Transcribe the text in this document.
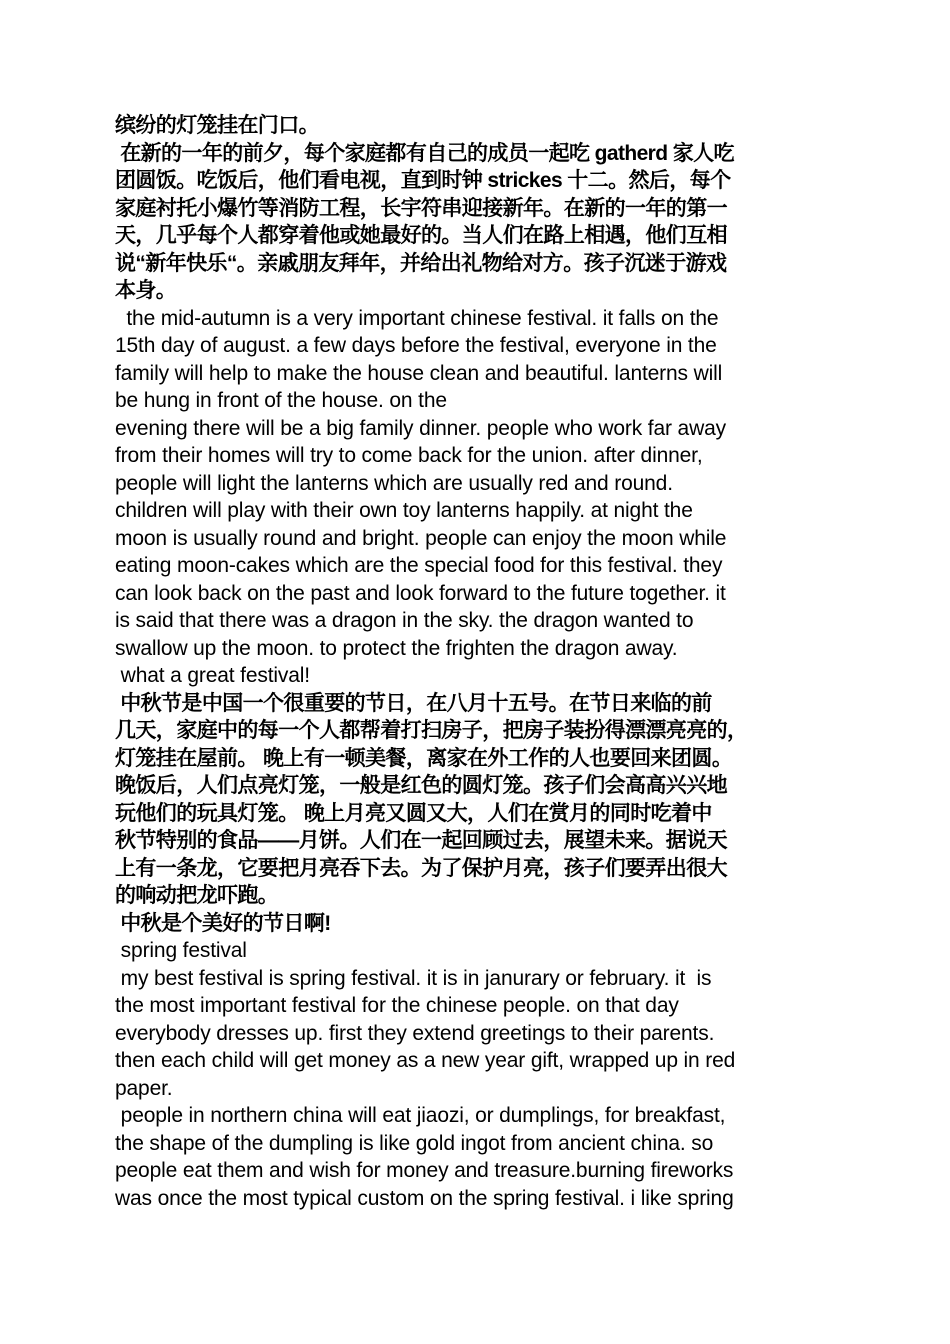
缤纷的灯笼挂在门口。
在新的一年的前夕，每个家庭都有自己的成员一起吃 gatherd 家人吃
团圆饭。吃饭后，他们看电视，直到时钟 strickes 十二。然后，每个
家庭衬托小爆竹等消防工程，长宇符串迎接新年。在新的一年的第一
天，几乎每个人都穿着他或她最好的。当人们在路上相遇，他们互相
说“新年快乐“。亲戚朋友拜年，并给出礼物给对方。孩子沉迷于游戏
本身。
the mid-autumn is a very important chinese festival. it falls on the
15th day of august. a few days before the festival, everyone in the
family will help to make the house clean and beautiful. lanterns will
be hung in front of the house. on the
evening there will be a big family dinner. people who work far away
from their homes will try to come back for the union. after dinner,
people will light the lanterns which are usually red and round.
children will play with their own toy lanterns happily. at night the
moon is usually round and bright. people can enjoy the moon while
eating moon-cakes which are the special food for this festival. they
can look back on the past and look forward to the future together. it
is said that there was a dragon in the sky. the dragon wanted to
swallow up the moon. to protect the frighten the dragon away.
what a great festival!
中秋节是中国一个很重要的节日，在八月十五号。在节日来临的前
几天，家庭中的每一个人都帮着打扫房子，把房子装扮得漂漂亮亮的，
灯笼挂在屋前。 晚上有一顿美餐，离家在外工作的人也要回来团圆。
晚饭后，人们点亮灯笼，一般是红色的圆灯笼。孩子们会高高兴兴地
玩他们的玩具灯笼。 晚上月亮又圆又大，人们在赏月的同时吃着中
秋节特别的食品——月饼。人们在一起回顾过去，展望未来。据说天
上有一条龙，它要把月亮吞下去。为了保护月亮，孩子们要弄出很大
的响动把龙吓跑。
中秋是个美好的节日啊!
spring festival
my best festival is spring festival. it is in janurary or february. it  is
the most important festival for the chinese people. on that day
everybody dresses up. first they extend greetings to their parents.
then each child will get money as a new year gift, wrapped up in red
paper.
people in northern china will eat jiaozi, or dumplings, for breakfast,
the shape of the dumpling is like gold ingot from ancient china. so
people eat them and wish for money and treasure.burning fireworks
was once the most typical custom on the spring festival. i like spring
